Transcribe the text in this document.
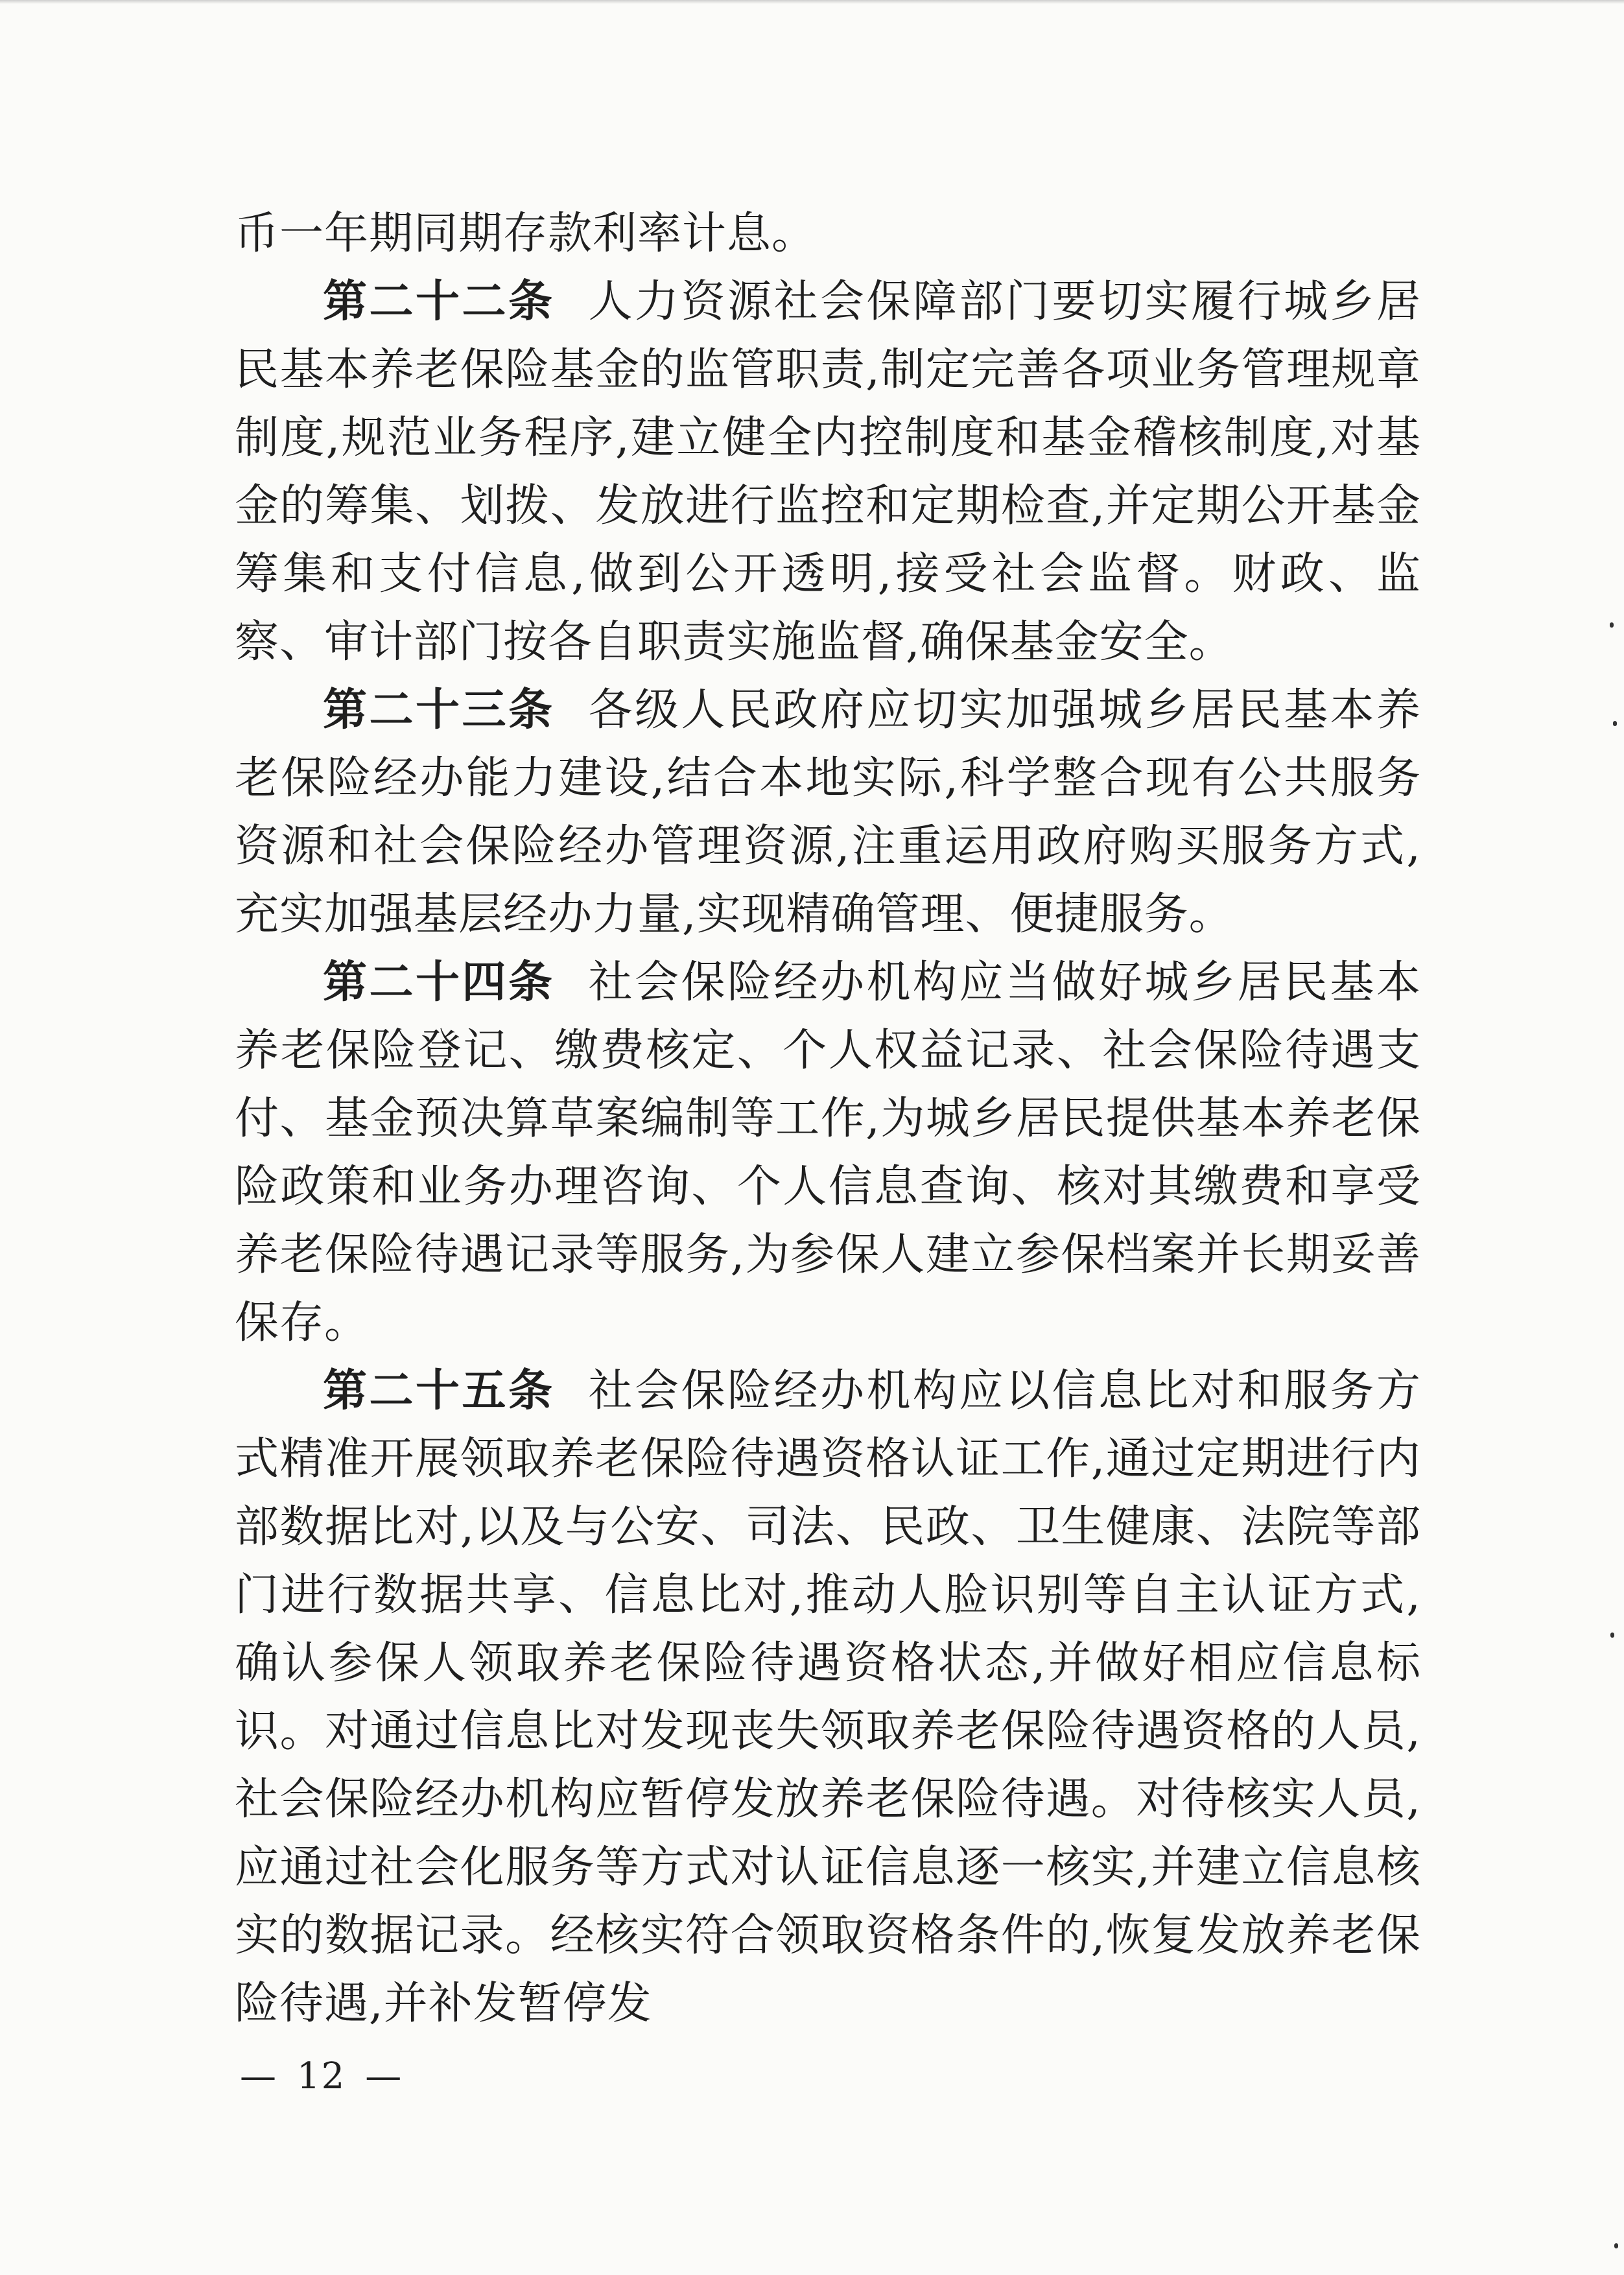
币一年期同期存款利率计息。

第二十二条 人力资源社会保障部门要切实履行城乡居民基本养老保险基金的监管职责,制定完善各项业务管理规章制度,规范业务程序,建立健全内控制度和基金稽核制度,对基金的筹集、划拨、发放进行监控和定期检查,并定期公开基金筹集和支付信息,做到公开透明,接受社会监督。财政、监察、审计部门按各自职责实施监督,确保基金安全。

第二十三条 各级人民政府应切实加强城乡居民基本养老保险经办能力建设,结合本地实际,科学整合现有公共服务资源和社会保险经办管理资源,注重运用政府购买服务方式,充实加强基层经办力量,实现精确管理、便捷服务。

第二十四条 社会保险经办机构应当做好城乡居民基本养老保险登记、缴费核定、个人权益记录、社会保险待遇支付、基金预决算草案编制等工作,为城乡居民提供基本养老保险政策和业务办理咨询、个人信息查询、核对其缴费和享受养老保险待遇记录等服务,为参保人建立参保档案并长期妥善保存。

第二十五条 社会保险经办机构应以信息比对和服务方式精准开展领取养老保险待遇资格认证工作,通过定期进行内部数据比对,以及与公安、司法、民政、卫生健康、法院等部门进行数据共享、信息比对,推动人脸识别等自主认证方式,确认参保人领取养老保险待遇资格状态,并做好相应信息标识。对通过信息比对发现丧失领取养老保险待遇资格的人员,社会保险经办机构应暂停发放养老保险待遇。对待核实人员,应通过社会化服务等方式对认证信息逐一核实,并建立信息核实的数据记录。经核实符合领取资格条件的,恢复发放养老保险待遇,并补发暂停发

— 12 —
